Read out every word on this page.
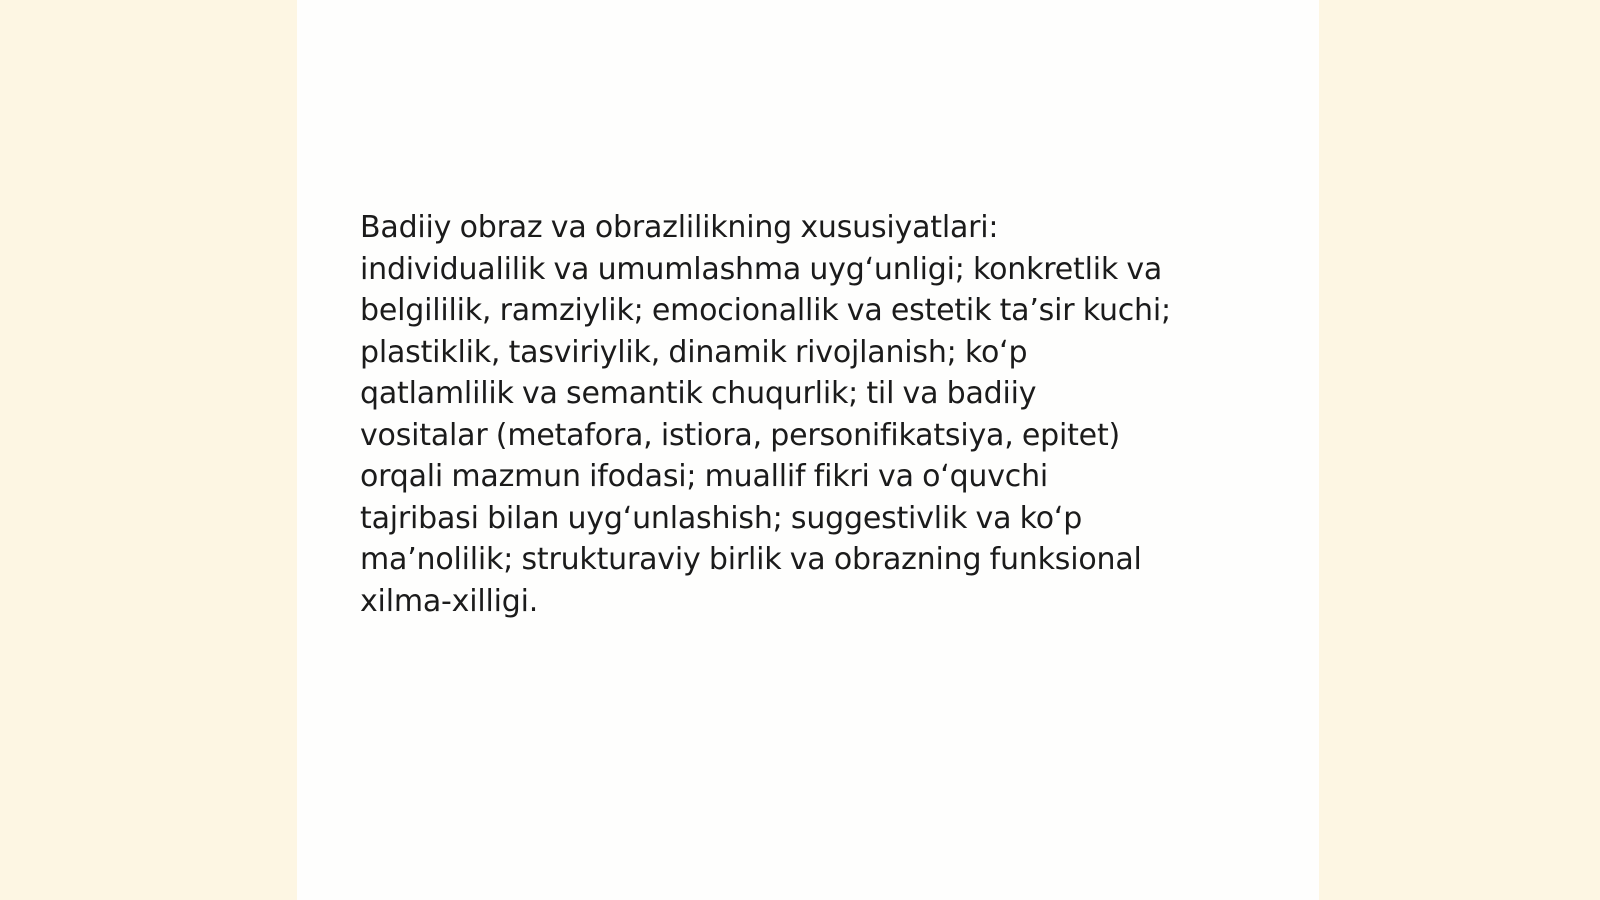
Badiiy obraz va obrazlilikning xususiyatlari:
individualilik va umumlashma uyg‘unligi; konkretlik va
belgililik, ramziylik; emocionallik va estetik ta’sir kuchi;
plastiklik, tasviriylik, dinamik rivojlanish; ko‘p
qatlamlilik va semantik chuqurlik; til va badiiy
vositalar (metafora, istiora, personifikatsiya, epitet)
orqali mazmun ifodasi; muallif fikri va o‘quvchi
tajribasi bilan uyg‘unlashish; suggestivlik va ko‘p
ma’nolilik; strukturaviy birlik va obrazning funksional
xilma-xilligi.
